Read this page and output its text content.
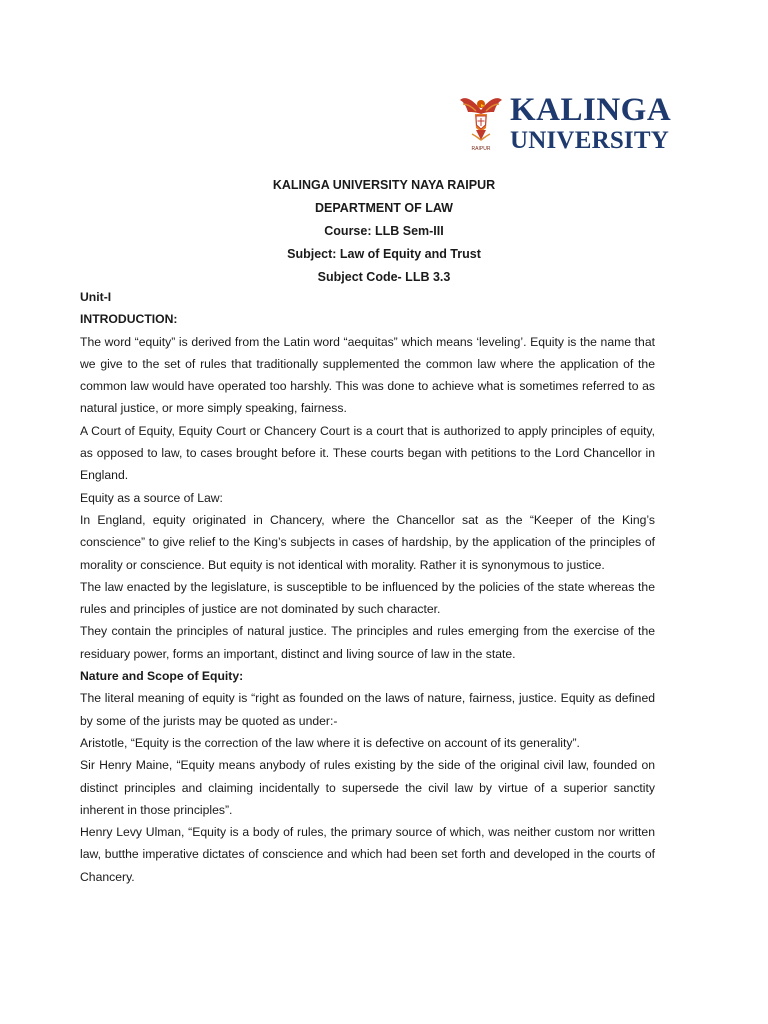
RAIPUR
KALINGA
UNIVERSITY
KALINGA UNIVERSITY NAYA RAIPUR
DEPARTMENT OF LAW
Course: LLB Sem-III
Subject: Law of Equity and Trust
Subject Code- LLB 3.3

Unit-I

INTRODUCTION:

The word “equity” is derived from the Latin word “aequitas” which means ‘leveling’. Equity is the name that we give to the set of rules that traditionally supplemented the common law where the application of the common law would have operated too harshly. This was done to achieve what is sometimes referred to as natural justice, or more simply speaking, fairness.

A Court of Equity, Equity Court or Chancery Court is a court that is authorized to apply principles of equity, as opposed to law, to cases brought before it. These courts began with petitions to the Lord Chancellor in England.

Equity as a source of Law:

In England, equity originated in Chancery, where the Chancellor sat as the “Keeper of the King’s conscience” to give relief to the King’s subjects in cases of hardship, by the application of the principles of morality or conscience. But equity is not identical with morality. Rather it is synonymous to justice.

The law enacted by the legislature, is susceptible to be influenced by the policies of the state whereas the rules and principles of justice are not dominated by such character.

They contain the principles of natural justice. The principles and rules emerging from the exercise of the residuary power, forms an important, distinct and living source of law in the state.

Nature and Scope of Equity:

The literal meaning of equity is “right as founded on the laws of nature, fairness, justice. Equity as defined by some of the jurists may be quoted as under:-

Aristotle, “Equity is the correction of the law where it is defective on account of its generality”.

Sir Henry Maine, “Equity means anybody of rules existing by the side of the original civil law, founded on distinct principles and claiming incidentally to supersede the civil law by virtue of a superior sanctity inherent in those principles”.

Henry Levy Ulman, “Equity is a body of rules, the primary source of which, was neither custom nor written law, butthe imperative dictates of conscience and which had been set forth and developed in the courts of Chancery.
